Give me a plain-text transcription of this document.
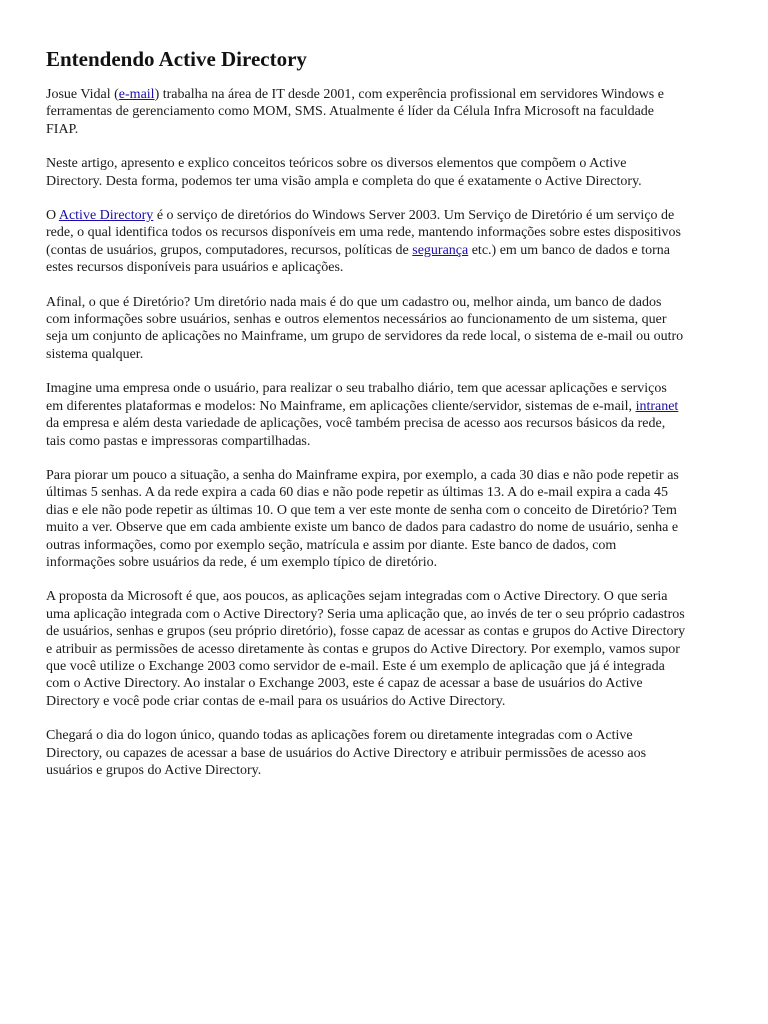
Entendendo Active Directory

Josue Vidal (e-mail) trabalha na área de IT desde 2001, com experência profissional em servidores Windows e ferramentas de gerenciamento como MOM, SMS. Atualmente é líder da Célula Infra Microsoft na faculdade FIAP.

Neste artigo, apresento e explico conceitos teóricos sobre os diversos elementos que compõem o Active Directory. Desta forma, podemos ter uma visão ampla e completa do que é exatamente o Active Directory.

O Active Directory é o serviço de diretórios do Windows Server 2003. Um Serviço de Diretório é um serviço de rede, o qual identifica todos os recursos disponíveis em uma rede, mantendo informações sobre estes dispositivos (contas de usuários, grupos, computadores, recursos, políticas de segurança etc.) em um banco de dados e torna estes recursos disponíveis para usuários e aplicações.

Afinal, o que é Diretório? Um diretório nada mais é do que um cadastro ou, melhor ainda, um banco de dados com informações sobre usuários, senhas e outros elementos necessários ao funcionamento de um sistema, quer seja um conjunto de aplicações no Mainframe, um grupo de servidores da rede local, o sistema de e-mail ou outro sistema qualquer.

Imagine uma empresa onde o usuário, para realizar o seu trabalho diário, tem que acessar aplicações e serviços em diferentes plataformas e modelos: No Mainframe, em aplicações cliente/servidor, sistemas de e-mail, intranet da empresa e além desta variedade de aplicações, você também precisa de acesso aos recursos básicos da rede, tais como pastas e impressoras compartilhadas.

Para piorar um pouco a situação, a senha do Mainframe expira, por exemplo, a cada 30 dias e não pode repetir as últimas 5 senhas. A da rede expira a cada 60 dias e não pode repetir as últimas 13. A do e-mail expira a cada 45 dias e ele não pode repetir as últimas 10. O que tem a ver este monte de senha com o conceito de Diretório? Tem muito a ver. Observe que em cada ambiente existe um banco de dados para cadastro do nome de usuário, senha e outras informações, como por exemplo seção, matrícula e assim por diante. Este banco de dados, com informações sobre usuários da rede, é um exemplo típico de diretório.

A proposta da Microsoft é que, aos poucos, as aplicações sejam integradas com o Active Directory. O que seria uma aplicação integrada com o Active Directory? Seria uma aplicação que, ao invés de ter o seu próprio cadastros de usuários, senhas e grupos (seu próprio diretório), fosse capaz de acessar as contas e grupos do Active Directory e atribuir as permissões de acesso diretamente às contas e grupos do Active Directory. Por exemplo, vamos supor que você utilize o Exchange 2003 como servidor de e-mail. Este é um exemplo de aplicação que já é integrada com o Active Directory. Ao instalar o Exchange 2003, este é capaz de acessar a base de usuários do Active Directory e você pode criar contas de e-mail para os usuários do Active Directory.

Chegará o dia do logon único, quando todas as aplicações forem ou diretamente integradas com o Active Directory, ou capazes de acessar a base de usuários do Active Directory e atribuir permissões de acesso aos usuários e grupos do Active Directory.
